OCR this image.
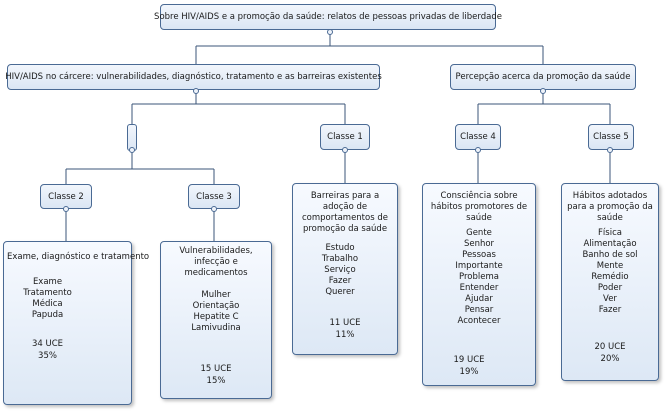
Sobre HIV/AIDS e a promoção da saúde: relatos de pessoas privadas de liberdade
HIV/AIDS no cárcere: vulnerabilidades, diagnóstico, tratamento e as barreiras existentes	Percepção acerca da promoção da saúde
Classe 2	Classe 3
Classe 1	Classe 4	Classe 5
Exame, diagnóstico e tratamento
Exame
Tratamento
Médica
Papuda
34 UCE
35%
Vulnerabilidades, infecção e medicamentos
Mulher
Orientação
Hepatite C
Lamivudina
15 UCE
15%
Barreiras para a adoção de comportamentos de promoção da saúde
Estudo
Trabalho
Serviço
Fazer
Querer
11 UCE
11%
Consciência sobre hábitos promotores de saúde
Gente
Senhor
Pessoas
Importante
Problema
Entender
Ajudar
Pensar
Acontecer
19 UCE
19%
Hábitos adotados para a promoção da saúde
Física
Alimentação
Banho de sol
Mente
Remédio
Poder
Ver
Fazer
20 UCE
20%
